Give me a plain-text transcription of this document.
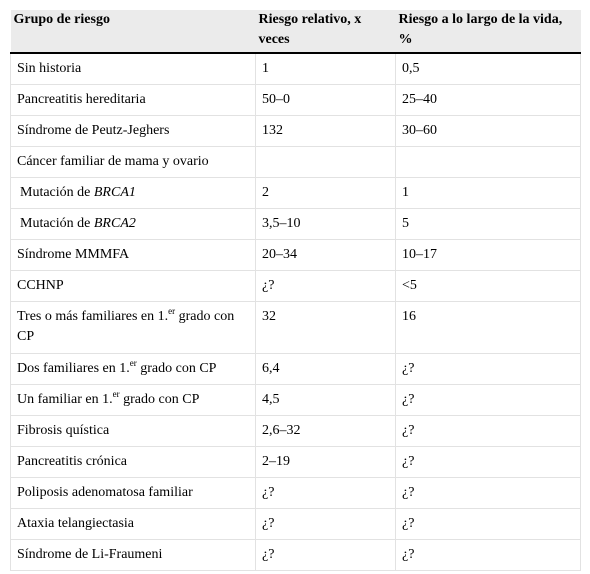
Grupo de riesgo	Riesgo relativo, x veces	Riesgo a lo largo de la vida, %
Sin historia	1	0,5
Pancreatitis hereditaria	50–0	25–40
Síndrome de Peutz-Jeghers	132	30–60
Cáncer familiar de mama y ovario		
Mutación de BRCA1	2	1
Mutación de BRCA2	3,5–10	5
Síndrome MMMFA	20–34	10–17
CCHNP	¿?	<5
Tres o más familiares en 1.$^{er}$ grado con CP	32	16
Dos familiares en 1.$^{er}$ grado con CP	6,4	¿?
Un familiar en 1.$^{er}$ grado con CP	4,5	¿?
Fibrosis quística	2,6–32	¿?
Pancreatitis crónica	2–19	¿?
Poliposis adenomatosa familiar	¿?	¿?
Ataxia telangiectasia	¿?	¿?
Síndrome de Li-Fraumeni	¿?	¿?
